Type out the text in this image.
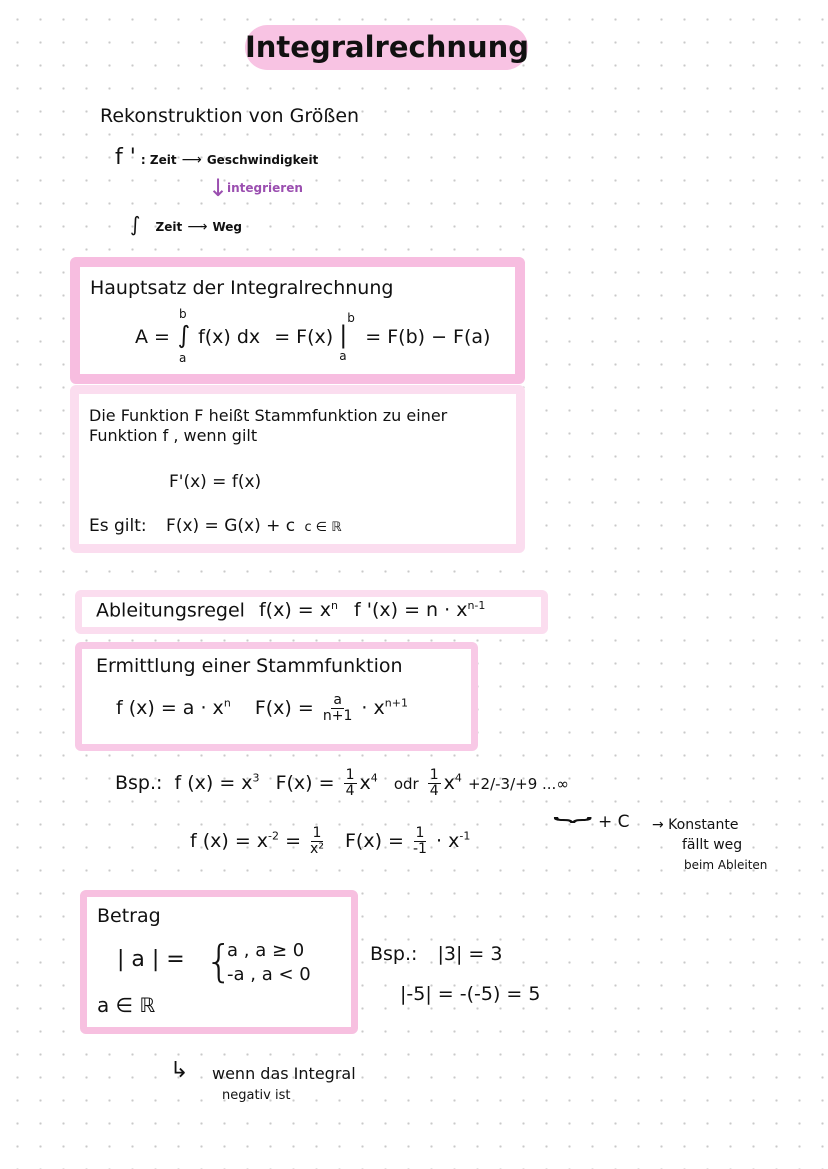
Integralrechnung
Rekonstruktion von Größen
f ' : Zeit ⟶ Geschwindigkeit
↓
integrieren
∫ Zeit ⟶ Weg
Hauptsatz der Integralrechnung
A = ∫
b
a
f(x) dx = F(x) |
b
a
= F(b) − F(a)
Die Funktion F heißt Stammfunktion zu einer
Funktion f , wenn gilt
F'(x) = f(x)
Es gilt: F(x) = G(x) + c c ∈ ℝ
Ableitungsregel $f(x) = x^n$ f '$(x) = n \cdot x^{n-1}$
Ermittlung einer Stammfunktion
f $(x) = a \cdot x^n$ $F(x) = \frac{a}{n+1} \cdot x^{n+1}$
Bsp.: f $(x) = x^3$ $F(x) = \frac{1}{4} x^4$ odr $\frac{1}{4} x^4 +2/-3/+9$ ...∞
⏟ + C → Konstante
fällt weg
beim Ableiten
f $(x) = x^{-2} = \frac{1}{\text{x²}} F(x) = \frac{1}{-1} \cdot x^{-1}$
Betrag
| a | = {
a , a ≥ 0
-a , a < 0
a ∈ ℝ
Bsp.: |3| = 3
|-5| = -(-5) = 5
↳ wenn das Integral
negativ ist
